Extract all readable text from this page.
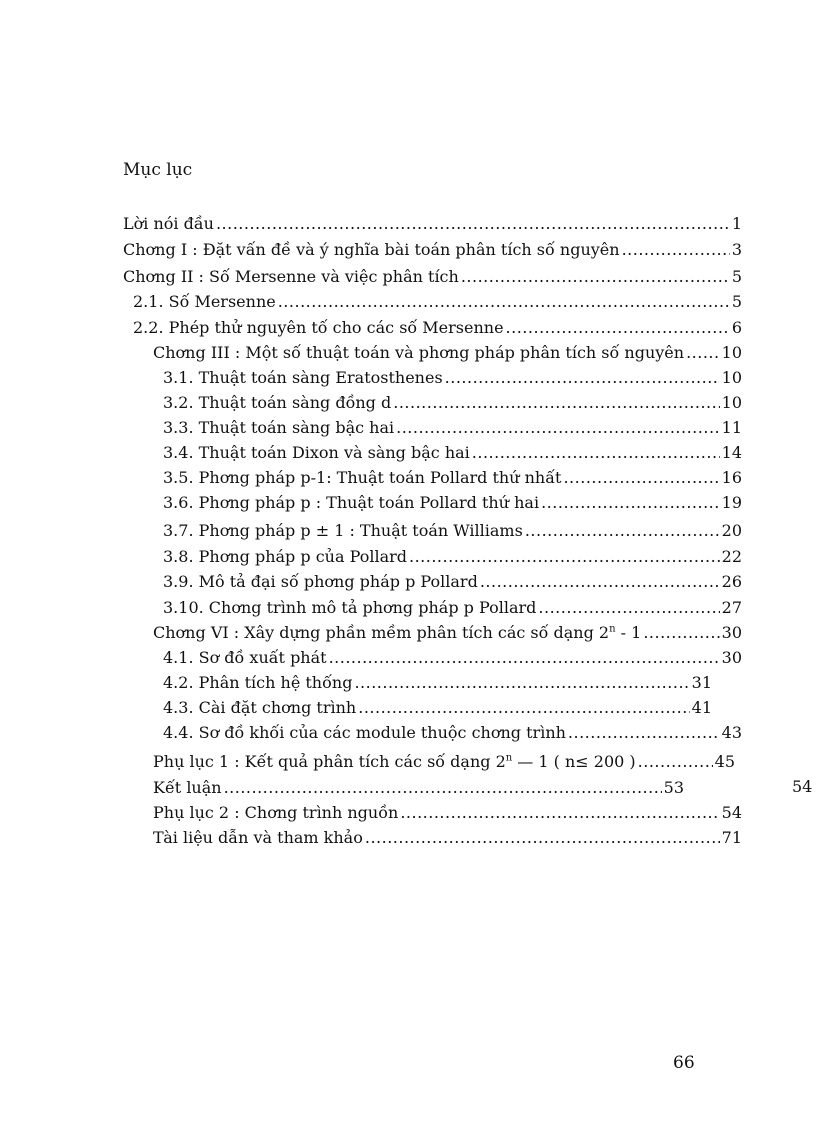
Mục lục
Lời nói đầu .....	1
Chơng I : Đặt vấn đề và ý nghĩa bài toán phân tích số nguyên .....	3
Chơng II : Số Mersenne và việc phân tích .....	5
2.1. Số Mersenne .....	5
2.2. Phép thử nguyên tố cho các số Mersenne .....	6
Chơng III : Một số thuật toán và phơng pháp phân tích số nguyên ..... 10
3.1. Thuật toán sàng Eratosthenes .....	10
3.2. Thuật toán sàng đồng d .....	10
3.3. Thuật toán sàng bậc hai .....	11
3.4. Thuật toán Dixon và sàng bậc hai .....	14
3.5. Phơng pháp p-1: Thuật toán Pollard thứ nhất .....	16
3.6. Phơng pháp p : Thuật toán Pollard thứ hai .....	19
3.7. Phơng pháp p ± 1 : Thuật toán Williams .....	20
3.8. Phơng pháp p của Pollard .....	22
3.9. Mô tả đại số phơng pháp p Pollard .....	26
3.10. Chơng trình mô tả phơng pháp p Pollard .....	27
Chơng VI : Xây dựng phần mềm phân tích các số dạng 2$^n$ - 1 .....	30
4.1. Sơ đồ xuất phát .....	30
4.2. Phân tích hệ thống .....	31
4.3. Cài đặt chơng trình .....	41
4.4. Sơ đồ khối của các module thuộc chơng trình .....	43
Phụ lục 1 : Kết quả phân tích các số dạng 2$^n$ — 1 ( n≤ 200 ) .....	45
Kết luận .....	53
Phụ lục 2 : Chơng trình nguồn .....	54
Tài liệu dẫn và tham khảo .....	71
54
66
